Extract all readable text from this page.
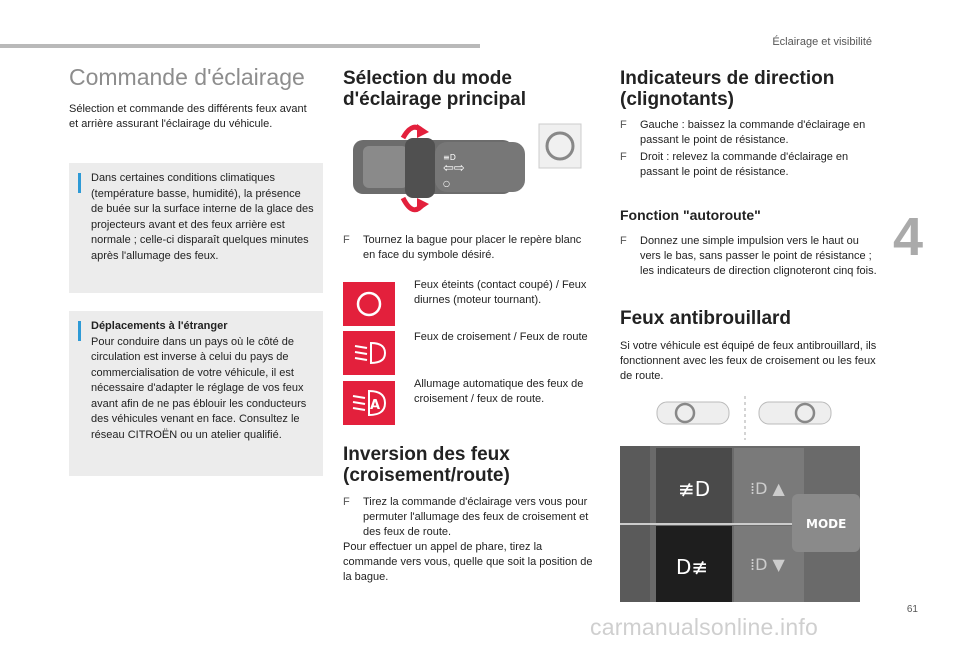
Éclairage et visibilité
4
61
Commande d'éclairage

Sélection et commande des différents feux avant et arrière assurant l'éclairage du véhicule.

Dans certaines conditions climatiques (température basse, humidité), la présence de buée sur la surface interne de la glace des projecteurs avant et des feux arrière est normale ; celle-ci disparaît quelques minutes après l'allumage des feux.
Déplacements à l'étranger
Pour conduire dans un pays où le côté de circulation est inverse à celui du pays de commercialisation de votre véhicule, il est nécessaire d'adapter le réglage de vos feux avant afin de ne pas éblouir les conducteurs des véhicules venant en face. Consultez le réseau CITROËN ou un atelier qualifié.
Sélection du mode d'éclairage principal
⇦⇨
≡D
○
F	Tournez la bague pour placer le repère blanc en face du symbole désiré.
Feux éteints (contact coupé) / Feux diurnes (moteur tournant).
Feux de croisement / Feux de route
A
Allumage automatique des feux de croisement / feux de route.
Inversion des feux (croisement/route)
F	Tirez la commande d'éclairage vers vous pour permuter l'allumage des feux de croisement et des feux de route.

Pour effectuer un appel de phare, tirez la commande vers vous, quelle que soit la position de la bague.

Indicateurs de direction (clignotants)
F	Gauche : baissez la commande d'éclairage en passant le point de résistance.
F	Droit : relevez la commande d'éclairage en passant le point de résistance.
Fonction "autoroute"
F	Donnez une simple impulsion vers le haut ou vers le bas, sans passer le point de résistance ; les indicateurs de direction clignoteront cinq fois.
Feux antibrouillard

Si votre véhicule est équipé de feux antibrouillard, ils fonctionnent avec les feux de croisement ou les feux de route.

≢D ⁞D ▲
D≢	⁞D ▼
MODE
carmanualsonline.info
